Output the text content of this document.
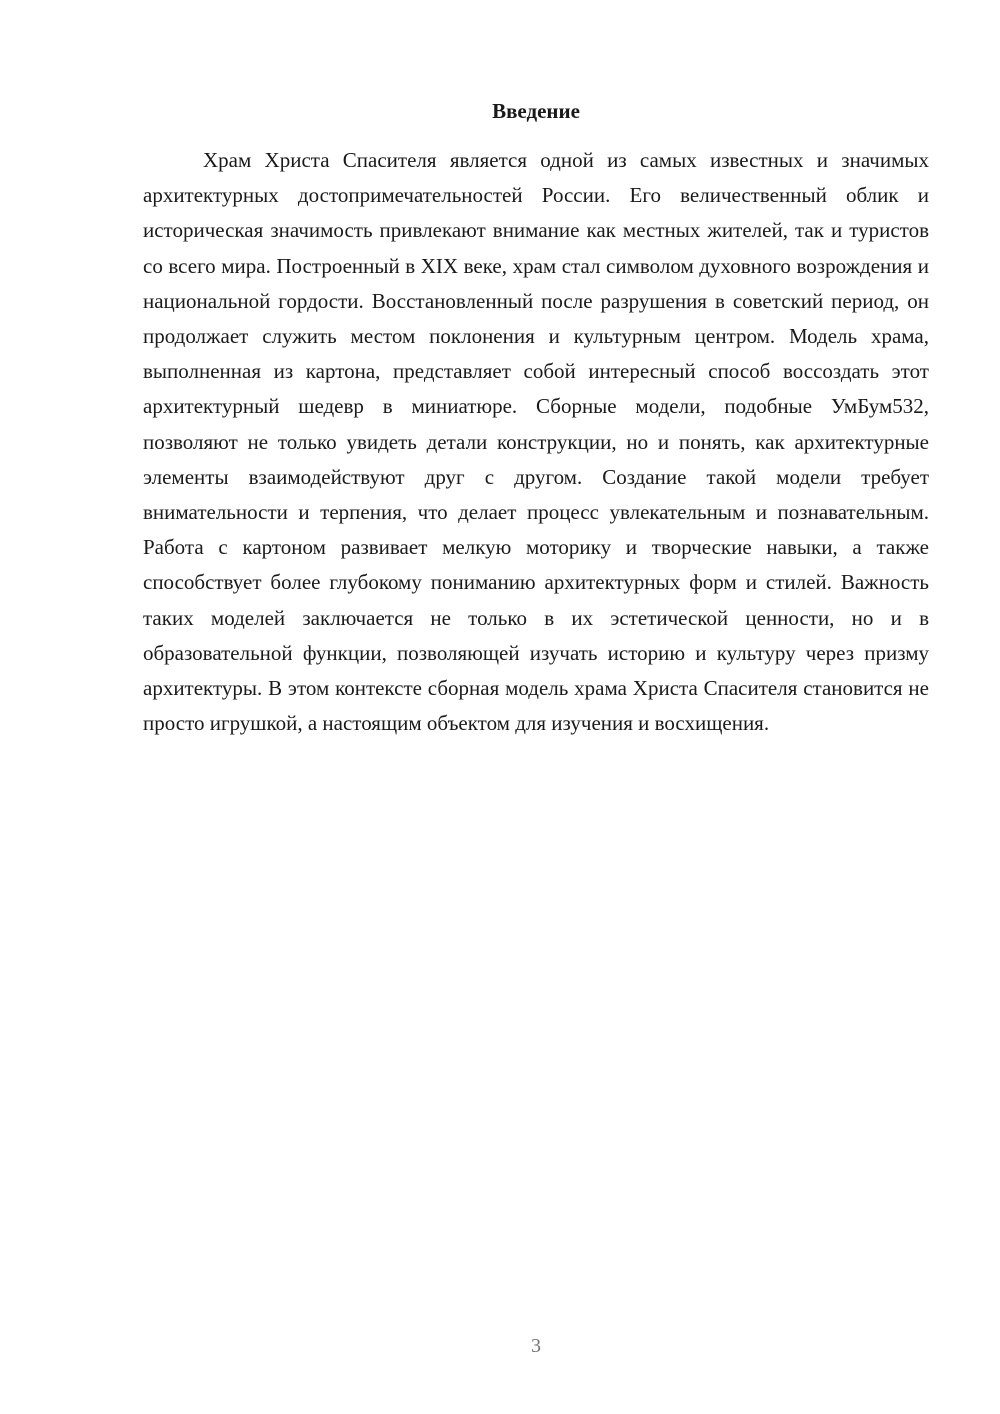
Введение

Храм Христа Спасителя является одной из самых известных и значимых архитектурных достопримечательностей России. Его величественный облик и историческая значимость привлекают внимание как местных жителей, так и туристов со всего мира. Построенный в XIX веке, храм стал символом духовного возрождения и национальной гордости. Восстановленный после разрушения в советский период, он продолжает служить местом поклонения и культурным центром. Модель храма, выполненная из картона, представляет собой интересный способ воссоздать этот архитектурный шедевр в миниатюре. Сборные модели, подобные УмБум532, позволяют не только увидеть детали конструкции, но и понять, как архитектурные элементы взаимодействуют друг с другом. Создание такой модели требует внимательности и терпения, что делает процесс увлекательным и познавательным. Работа с картоном развивает мелкую моторику и творческие навыки, а также способствует более глубокому пониманию архитектурных форм и стилей. Важность таких моделей заключается не только в их эстетической ценности, но и в образовательной функции, позволяющей изучать историю и культуру через призму архитектуры. В этом контексте сборная модель храма Христа Спасителя становится не просто игрушкой, а настоящим объектом для изучения и восхищения.

3
